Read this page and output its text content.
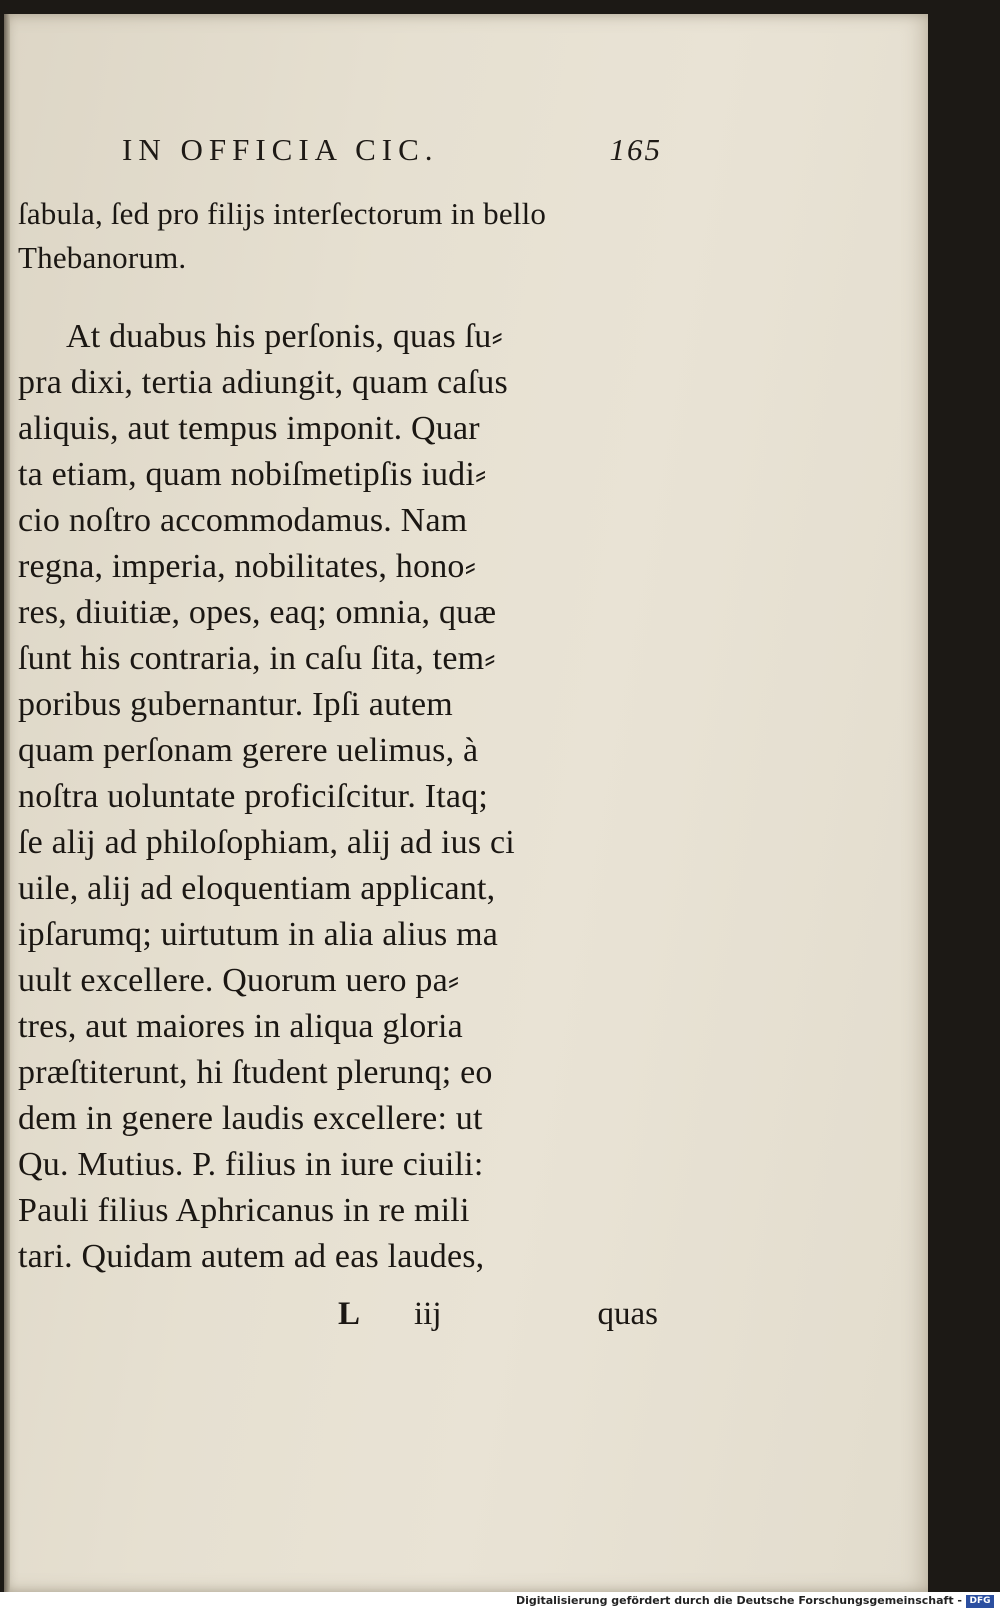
IN OFFICIA CIC.	165
ſabula, ſed pro filijs interſectorum in bello
Thebanorum.
At duabus his perſonis, quas ſu⸗
pra dixi, tertia adiungit, quam caſus
aliquis, aut tempus imponit. Quar
ta etiam, quam nobiſmetipſis iudi⸗
cio noſtro accommodamus. Nam
regna, imperia, nobilitates, hono⸗
res, diuitiæ, opes, eaq; omnia, quæ
ſunt his contraria, in caſu ſita, tem⸗
poribus gubernantur. Ipſi autem
quam perſonam gerere uelimus, à
noſtra uoluntate proficiſcitur. Itaq;
ſe alij ad philoſophiam, alij ad ius ci
uile, alij ad eloquentiam applicant,
ipſarumq; uirtutum in alia alius ma
uult excellere. Quorum uero pa⸗
tres, aut maiores in aliqua gloria
præſtiterunt, hi ſtudent plerunq; eo
dem in genere laudis excellere: ut
Qu. Mutius. P. filius in iure ciuili:
Pauli filius Aphricanus in re mili
tari. Quidam autem ad eas laudes,
L iij	quas
Digitalisierung gefördert durch die Deutsche Forschungsgemeinschaft - DFG
